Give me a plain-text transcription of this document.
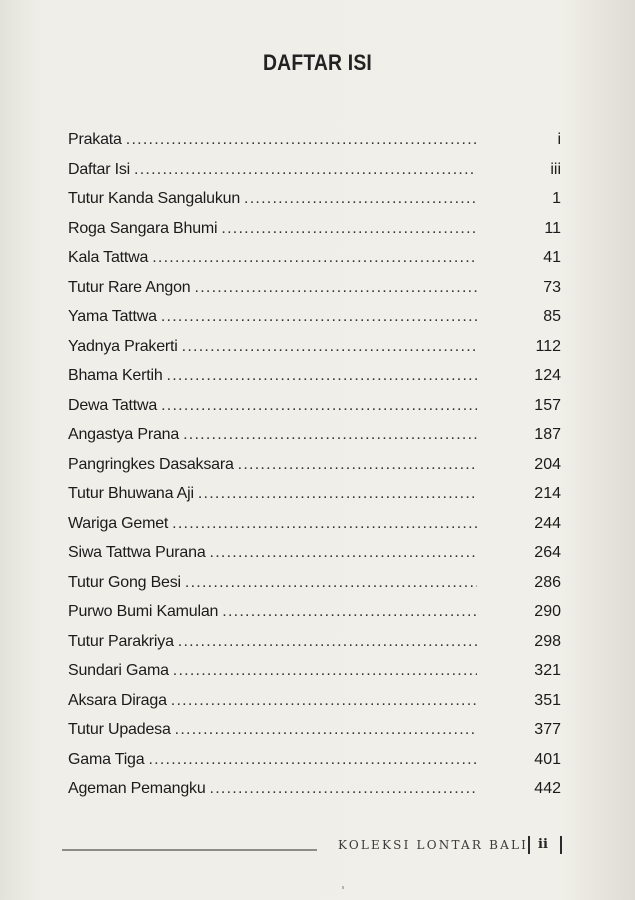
DAFTAR ISI
Prakata . . .	i
Daftar Isi . . .	iii
Tutur Kanda Sangalukun . . .	1
Roga Sangara Bhumi . . .	11
Kala Tattwa . . .	41
Tutur Rare Angon . . .	73
Yama Tattwa . . .	85
Yadnya Prakerti . . .	112
Bhama Kertih . . .	124
Dewa Tattwa . . .	157
Angastya Prana . . .	187
Pangringkes Dasaksara . . .	204
Tutur Bhuwana Aji . . .	214
Wariga Gemet . . .	244
Siwa Tattwa Purana . . .	264
Tutur Gong Besi . . .	286
Purwo Bumi Kamulan . . .	290
Tutur Parakriya . . .	298
Sundari Gama . . .	321
Aksara Diraga . . .	351
Tutur Upadesa . . .	377
Gama Tiga . . .	401
Ageman Pemangku . . .	442
KOLEKSI LONTAR BALI ii
